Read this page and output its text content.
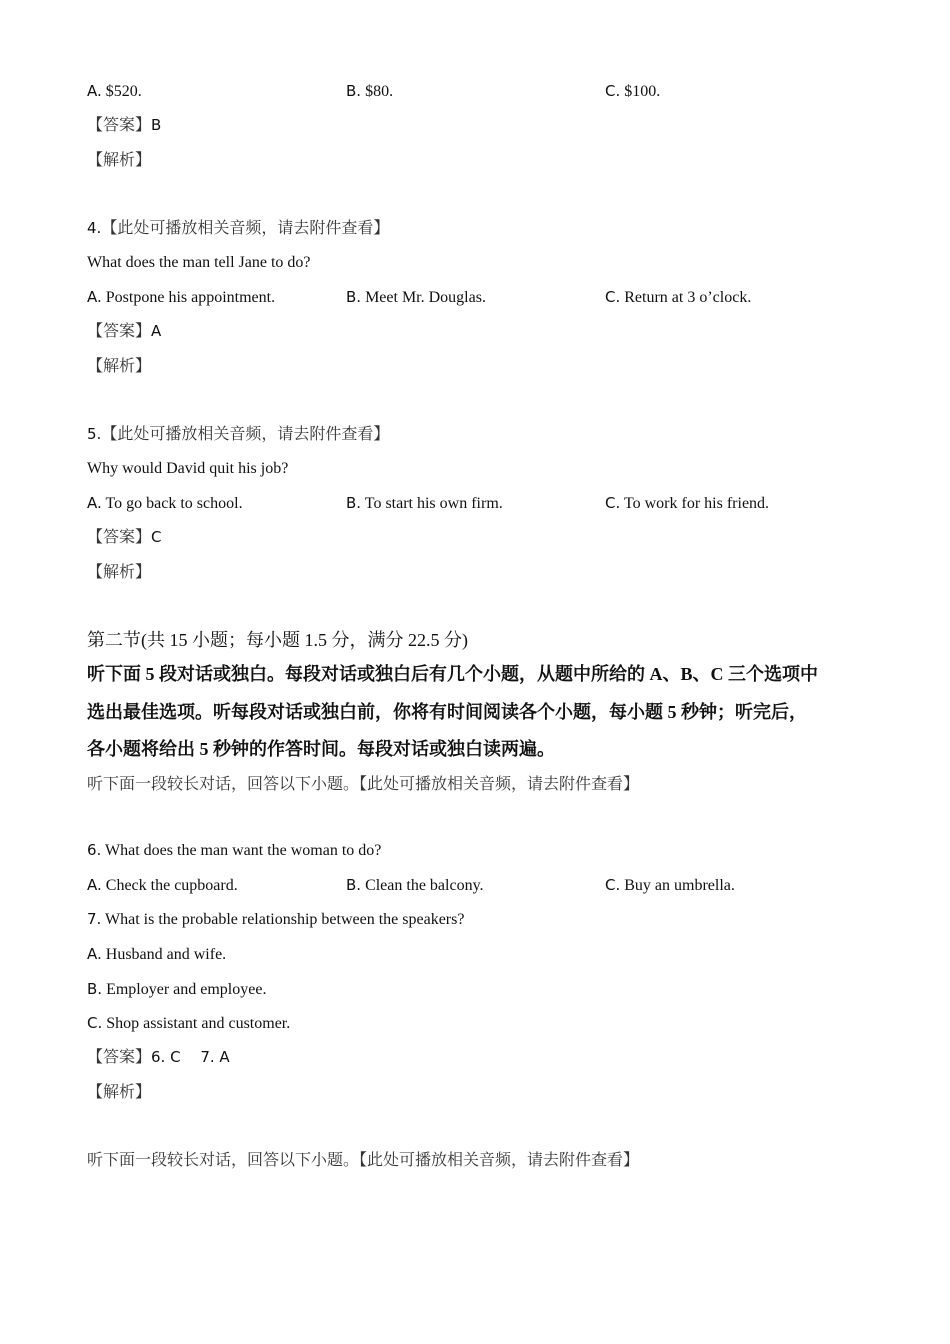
A. $520.	B. $80.	C. $100.
【答案】B
【解析】
4.【此处可播放相关音频，请去附件查看】
What does the man tell Jane to do?
A. Postpone his appointment.	B. Meet Mr. Douglas.	C. Return at 3 o’clock.
【答案】A
【解析】
5.【此处可播放相关音频，请去附件查看】
Why would David quit his job?
A. To go back to school.	B. To start his own firm.	C. To work for his friend.
【答案】C
【解析】
第二节(共 15 小题；每小题 1.5 分，满分 22.5 分)
听下面 5 段对话或独白。每段对话或独白后有几个小题，从题中所给的 A、B、C 三个选项中
选出最佳选项。听每段对话或独白前，你将有时间阅读各个小题，每小题 5 秒钟；听完后，
各小题将给出 5 秒钟的作答时间。每段对话或独白读两遍。
听下面一段较长对话，回答以下小题。【此处可播放相关音频，请去附件查看】
6. What does the man want the woman to do?
A. Check the cupboard.	B. Clean the balcony.	C. Buy an umbrella.
7. What is the probable relationship between the speakers?
A. Husband and wife.
B. Employer and employee.
C. Shop assistant and customer.
【答案】6. C　 7. A
【解析】
听下面一段较长对话，回答以下小题。【此处可播放相关音频，请去附件查看】
